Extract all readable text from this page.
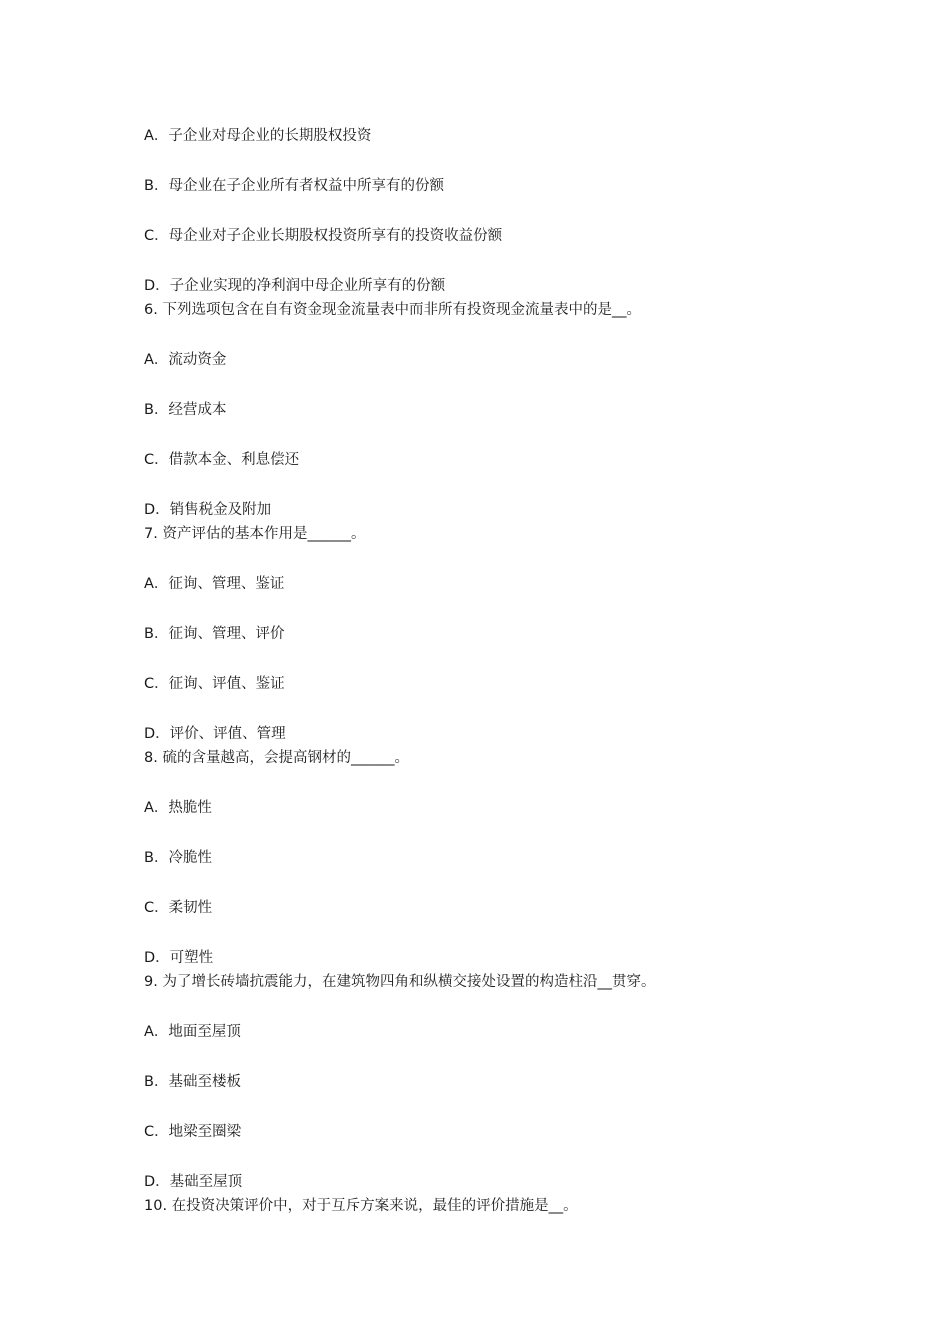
A．子企业对母企业的长期股权投资
B．母企业在子企业所有者权益中所享有的份额
C．母企业对子企业长期股权投资所享有的投资收益份额
D．子企业实现的净利润中母企业所享有的份额
6. 下列选项包含在自有资金现金流量表中而非所有投资现金流量表中的是__。
A．流动资金
B．经营成本
C．借款本金、利息偿还
D．销售税金及附加
7. 资产评估的基本作用是______。
A．征询、管理、鉴证
B．征询、管理、评价
C．征询、评值、鉴证
D．评价、评值、管理
8. 硫的含量越高，会提高钢材的______。
A．热脆性
B．冷脆性
C．柔韧性
D．可塑性
9. 为了增长砖墙抗震能力，在建筑物四角和纵横交接处设置的构造柱沿__贯穿。
A．地面至屋顶
B．基础至楼板
C．地梁至圈梁
D．基础至屋顶
10. 在投资决策评价中，对于互斥方案来说，最佳的评价措施是__。
